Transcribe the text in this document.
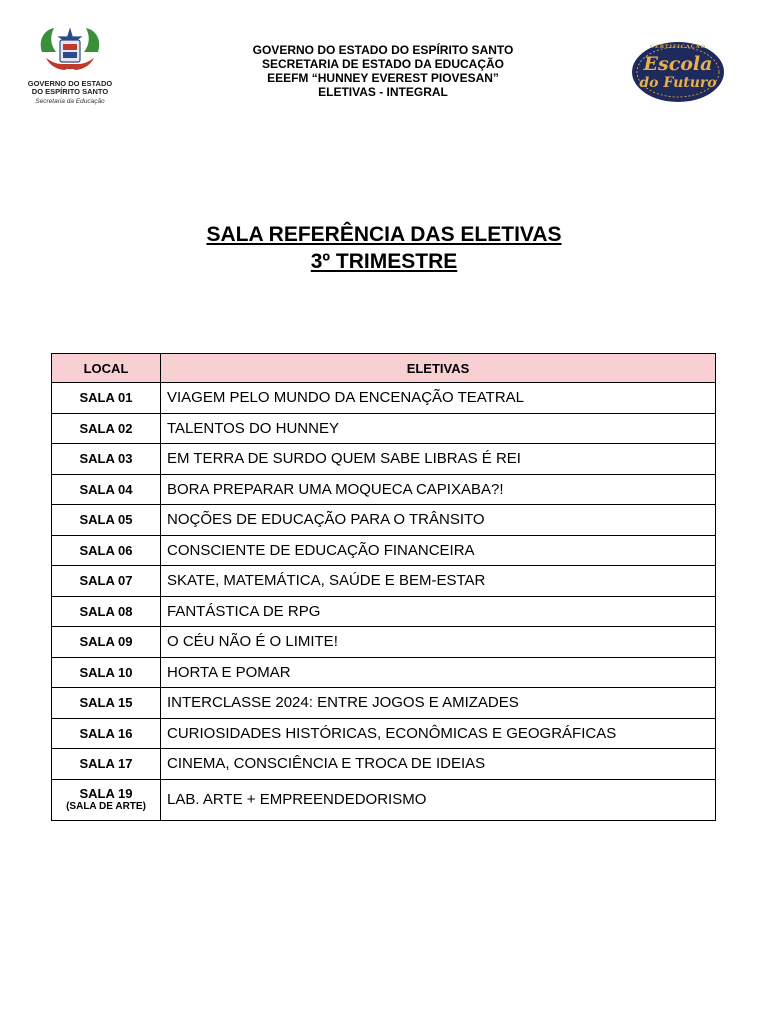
GOVERNO DO ESTADO
DO ESPÍRITO SANTO
Secretaria da Educação
GOVERNO DO ESTADO DO ESPÍRITO SANTO
SECRETARIA DE ESTADO DA EDUCAÇÃO
EEEFM “HUNNEY EVEREST PIOVESAN”
ELETIVAS - INTEGRAL
CERTIFICAÇÃO
Escola
do Futuro
SALA REFERÊNCIA DAS ELETIVAS
3º TRIMESTRE
LOCAL	ELETIVAS
SALA 01	VIAGEM PELO MUNDO DA ENCENAÇÃO TEATRAL
SALA 02	TALENTOS DO HUNNEY
SALA 03	EM TERRA DE SURDO QUEM SABE LIBRAS É REI
SALA 04	BORA PREPARAR UMA MOQUECA CAPIXABA?!
SALA 05	NOÇÕES DE EDUCAÇÃO PARA O TRÂNSITO
SALA 06	CONSCIENTE DE EDUCAÇÃO FINANCEIRA
SALA 07	SKATE, MATEMÁTICA, SAÚDE E BEM-ESTAR
SALA 08	FANTÁSTICA DE RPG
SALA 09	O CÉU NÃO É O LIMITE!
SALA 10	HORTA E POMAR
SALA 15	INTERCLASSE 2024: ENTRE JOGOS E AMIZADES
SALA 16	CURIOSIDADES HISTÓRICAS, ECONÔMICAS E GEOGRÁFICAS
SALA 17	CINEMA, CONSCIÊNCIA E TROCA DE IDEIAS
SALA 19
(SALA DE ARTE)	LAB. ARTE + EMPREENDEDORISMO
